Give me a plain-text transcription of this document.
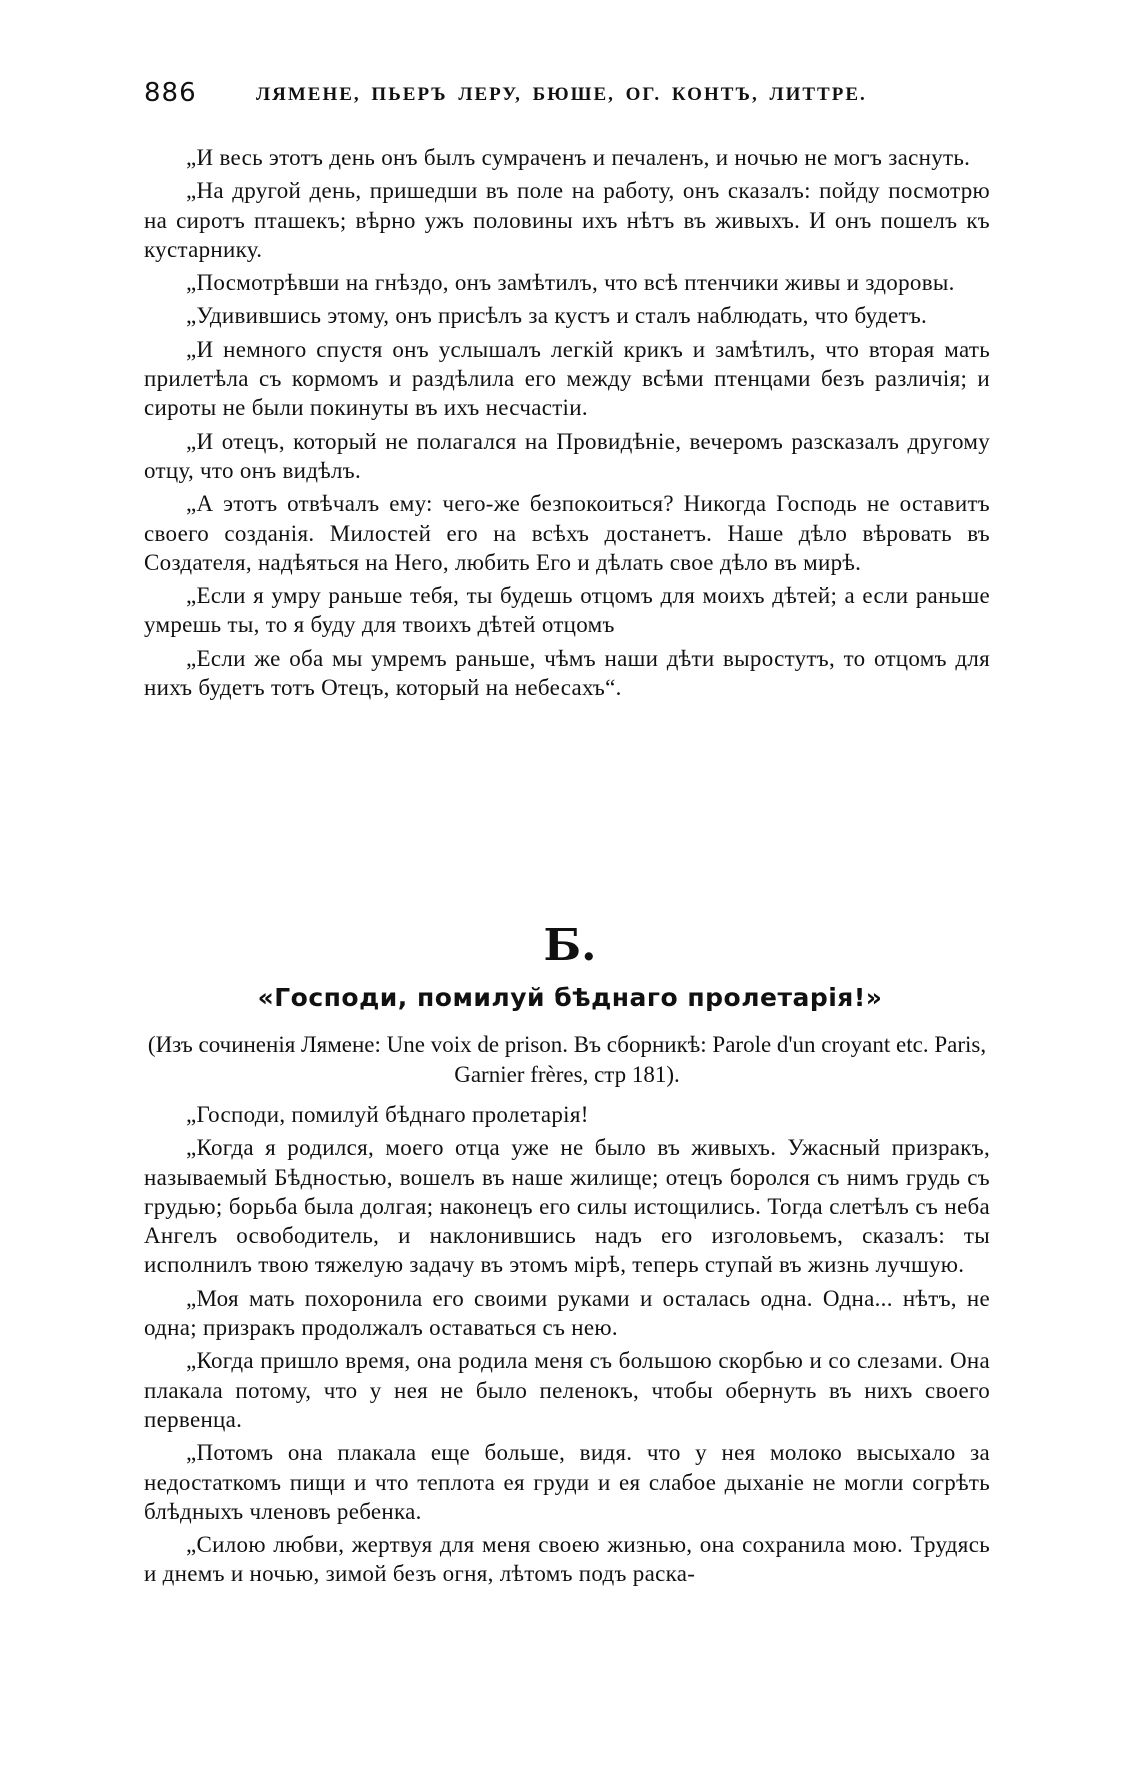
886	ЛЯМЕНЕ, ПЬЕРЪ ЛЕРУ, БЮШЕ, ОГ. КОНТЪ, ЛИТТРЕ.

„И весь этотъ день онъ былъ сумраченъ и печаленъ, и ночью не могъ заснуть.

„На другой день, пришедши въ поле на работу, онъ сказалъ: пойду посмотрю на сиротъ пташекъ; вѣрно ужъ половины ихъ нѣтъ въ живыхъ. И онъ пошелъ къ кустарнику.

„Посмотрѣвши на гнѣздо, онъ замѣтилъ, что всѣ птенчики живы и здоровы.

„Удивившись этому, онъ присѣлъ за кустъ и сталъ наблюдать, что будетъ.

„И немного спустя онъ услышалъ легкій крикъ и замѣтилъ, что вторая мать прилетѣла съ кормомъ и раздѣлила его между всѣми птенцами безъ различія; и сироты не были покинуты въ ихъ несчастіи.

„И отецъ, который не полагался на Провидѣніе, вечеромъ разсказалъ другому отцу, что онъ видѣлъ.

„А этотъ отвѣчалъ ему: чего-же безпокоиться? Никогда Господь не оставитъ своего созданія. Милостей его на всѣхъ достанетъ. Наше дѣло вѣровать въ Создателя, надѣяться на Него, любить Его и дѣлать свое дѣло въ мирѣ.

„Если я умру раньше тебя, ты будешь отцомъ для моихъ дѣтей; а если раньше умрешь ты, то я буду для твоихъ дѣтей отцомъ

„Если же оба мы умремъ раньше, чѣмъ наши дѣти выростутъ, то отцомъ для нихъ будетъ тотъ Отецъ, который на небесахъ“.

Б.
«Господи, помилуй бѣднаго пролетарія!»
(Изъ сочиненія Лямене: Une voix de prison. Въ сборникѣ: Parole d'un croyant etc. Paris, Garnier frères, стр 181).

„Господи, помилуй бѣднаго пролетарія!

„Когда я родился, моего отца уже не было въ живыхъ. Ужасный призракъ, называемый Бѣдностью, вошелъ въ наше жилище; отецъ боролся съ нимъ грудь съ грудью; борьба была долгая; наконецъ его силы истощились. Тогда слетѣлъ съ неба Ангелъ освободитель, и наклонившись надъ его изголовьемъ, сказалъ: ты исполнилъ твою тяжелую задачу въ этомъ мірѣ, теперь ступай въ жизнь лучшую.

„Моя мать похоронила его своими руками и осталась одна. Одна... нѣтъ, не одна; призракъ продолжалъ оставаться съ нею.

„Когда пришло время, она родила меня съ большою скорбью и со слезами. Она плакала потому, что у нея не было пеленокъ, чтобы обернуть въ нихъ своего первенца.

„Потомъ она плакала еще больше, видя. что у нея молоко высыхало за недостаткомъ пищи и что теплота ея груди и ея слабое дыханіе не могли согрѣть блѣдныхъ членовъ ребенка.

„Силою любви, жертвуя для меня своею жизнью, она сохранила мою. Трудясь и днемъ и ночью, зимой безъ огня, лѣтомъ подъ раска-
